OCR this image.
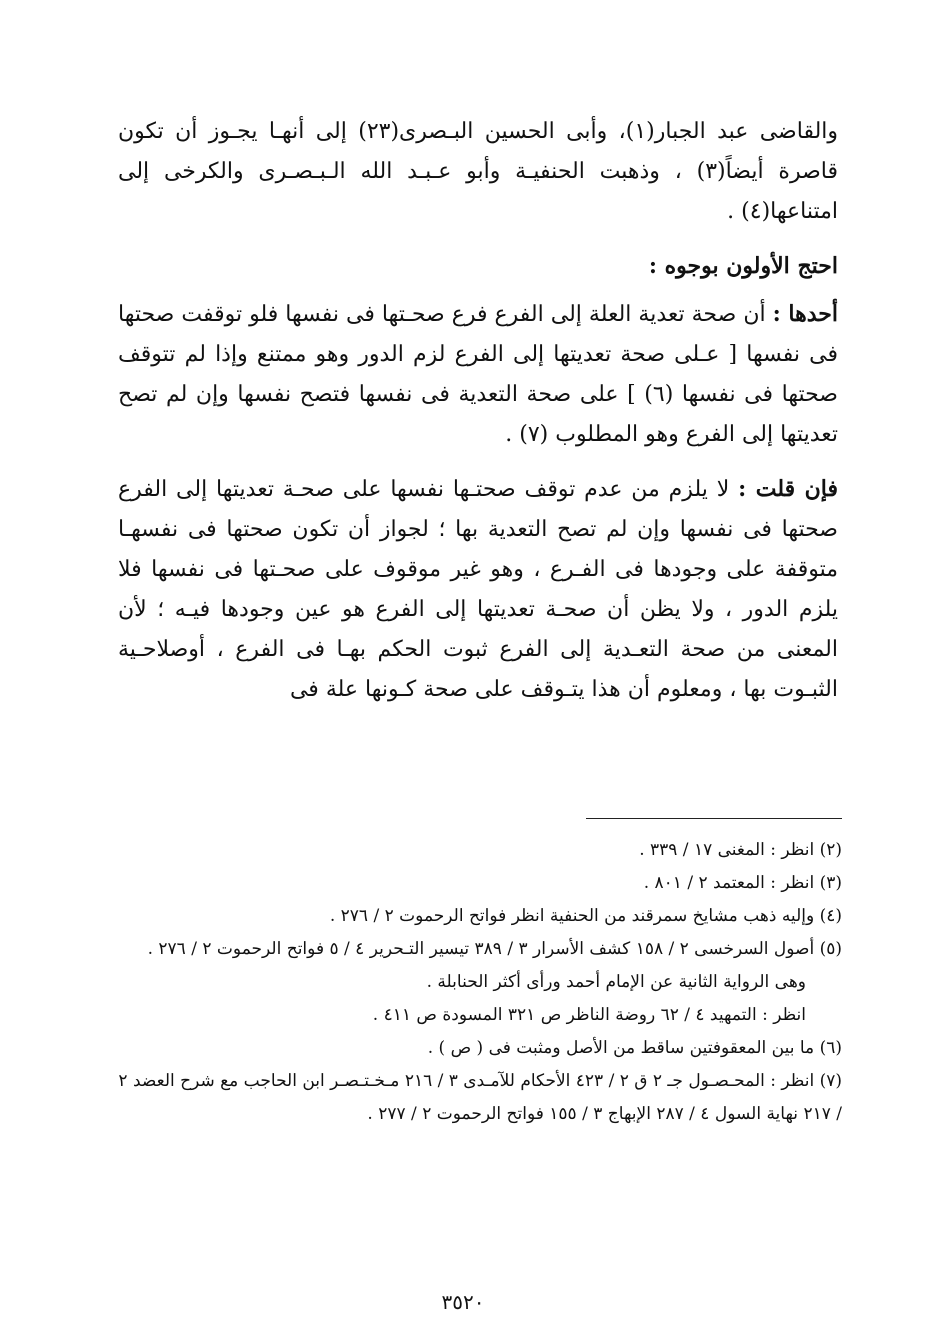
والقاضى عبد الجبار(١)، وأبى الحسين البـصرى(٢٣) إلى أنهـا يجـوز أن تكون قاصرة أيضاً(٣) ، وذهبت الحنفيـة وأبو عـبـد الله الـبـصـرى والكرخى إلى امتناعها(٤) .

احتج الأولون بوجوه :

أحدها : أن صحة تعدية العلة إلى الفرع فرع صحـتها فى نفسها فلو توقفت صحتها فى نفسها [ عـلى صحة تعديتها إلى الفرع لزم الدور وهو ممتنع وإذا لم تتوقف صحتها فى نفسها (٦) ] على صحة التعدية فى نفسها فتصح نفسها وإن لم تصح تعديتها إلى الفرع وهو المطلوب (٧) .

فإن قلت : لا يلزم من عدم توقف صحتـها نفسها على صحـة تعديتها إلى الفرع صحتها فى نفسها وإن لم تصح التعدية بها ؛ لجواز أن تكون صحتها فى نفسهـا متوقفة على وجودها فى الفـرع ، وهو غير موقوف على صحـتها فى نفسها فلا يلزم الدور ، ولا يظن أن صحـة تعديتها إلى الفرع هو عين وجودها فيـه ؛ لأن المعنى من صحة التعـدية إلى الفرع ثبوت الحكم بهـا فى الفرع ، أوصلاحـية الثبـوت بها ، ومعلوم أن هذا يتـوقف على صحة كـونها علة فى

(٢) انظر : المغنى ١٧ / ٣٣٩ .

(٣) انظر : المعتمد ٢ / ٨٠١ .

(٤) وإليه ذهب مشايخ سمرقند من الحنفية انظر فواتح الرحموت ٢ / ٢٧٦ .

(٥) أصول السرخسى ٢ / ١٥٨ كشف الأسرار ٣ / ٣٨٩ تيسير التـحرير ٤ / ٥ فواتح الرحموت ٢ / ٢٧٦ .

وهى الرواية الثانية عن الإمام أحمد ورأى أكثر الحنابلة .

انظر : التمهيد ٤ / ٦٢ روضة الناظر ص ٣٢١ المسودة ص ٤١١ .

(٦) ما بين المعقوفتين ساقط من الأصل ومثبت فى ( ص ) .

(٧) انظر : المحـصـول جـ ٢ ق ٢ / ٤٢٣ الأحكام للآمـدى ٣ / ٢١٦ مـخـتـصـر ابن الحاجب مع شرح العضد ٢ / ٢١٧ نهاية السول ٤ / ٢٨٧ الإبهاج ٣ / ١٥٥ فواتح الرحموت ٢ / ٢٧٧ .

٣٥٢٠
